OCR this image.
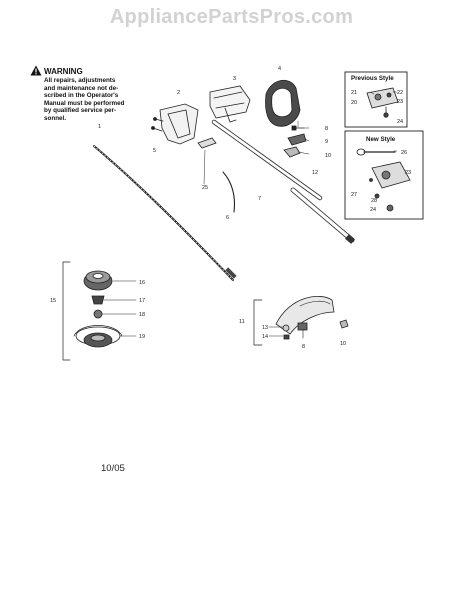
AppliancePartsPros.com
WARNING
All repairs, adjustments
and maintenance not de-
scribed in the Operator's
Manual must be performed
by qualified service per-
sonnel.
Previous Style
New Style
1
2
3
4
5
6
7
8
9
10
11
12
13
14
15
16
17
18
19
20
21	22
23
24
25
26
27
28
23
24
8	10
10/05
